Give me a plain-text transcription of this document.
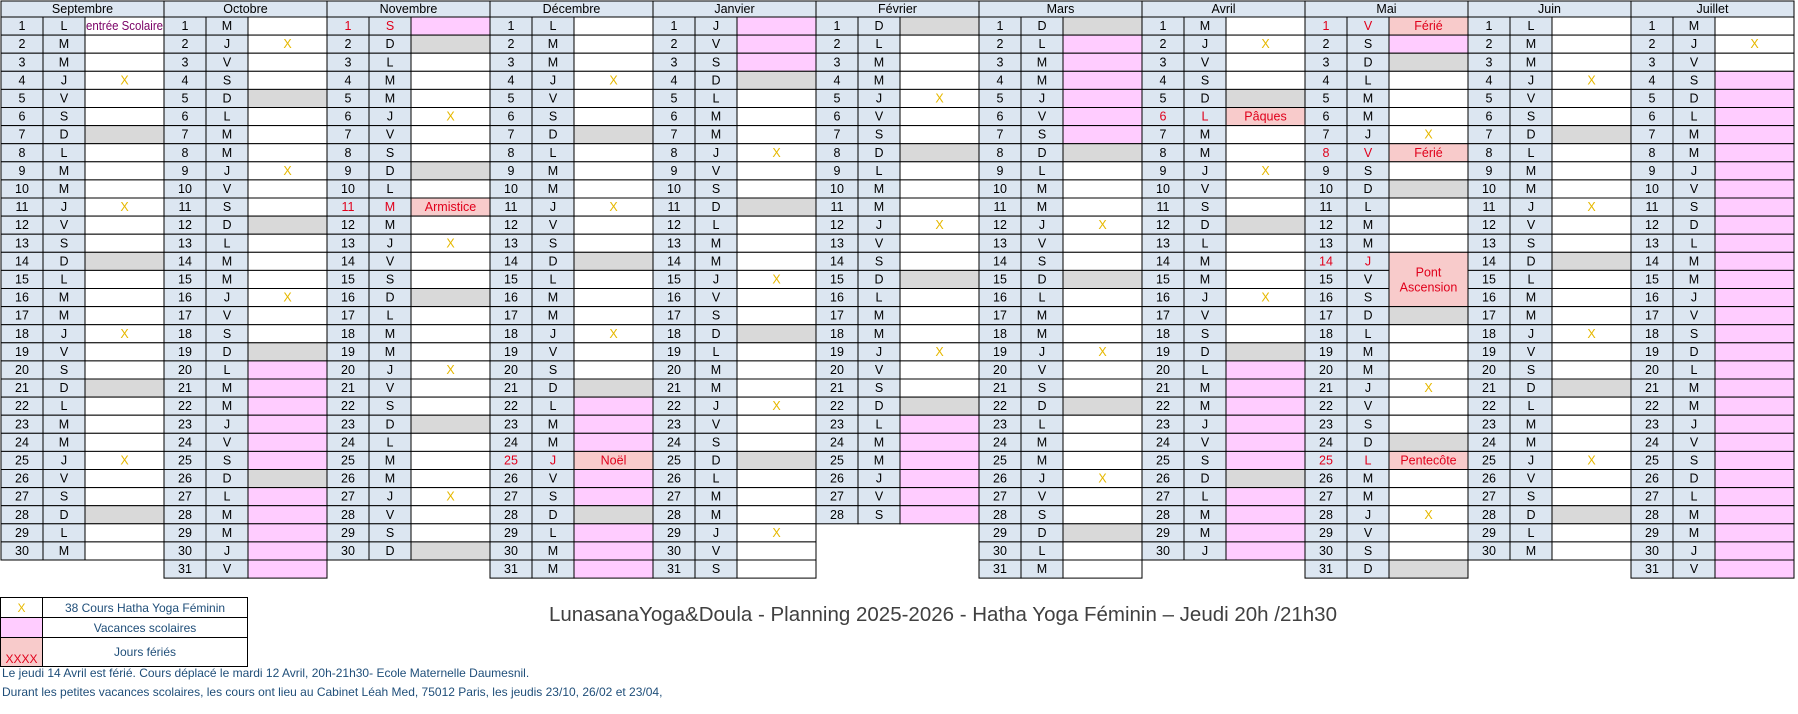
Septembre
1	L entrée Scolaire
2	M
3	M
4	J	X
5	V
6	S
7	D
8	L
9	M
10 M
11	J	X
12 V
13 S
14 D
15	L
16 M
17 M
18	J	X
19 V
20 S
21 D
22	L
23 M
24 M
25	J	X
26 V
27 S
28 D
29	L
30 M
Octobre
1	M
2	J	X
3	V
4	S
5	D
6	L
7	M
8	M
9	J	X
10 V
11	S
12 D
13	L
14 M
15 M
16	J	X
17 V
18 S
19 D
20	L
21 M
22 M
23	J
24 V
25 S
26 D
27	L
28 M
29 M
30	J
31 V
Novembre
1	S
2	D
3	L
4	M
5	M
6	J	X
7	V
8	S
9	D
10	L
11 M Armistice
12 M
13	J	X
14 V
15 S
16 D
17	L
18 M
19 M
20	J	X
21 V
22 S
23 D
24	L
25 M
26 M
27	J	X
28 V
29 S
30 D
Décembre
1	L
2	M
3	M
4	J	X
5	V
6	S
7	D
8	L
9	M
10 M
11	J	X
12 V
13 S
14 D
15	L
16 M
17 M
18	J	X
19 V
20 S
21 D
22	L
23 M
24 M
25	J	Noël
26 V
27 S
28 D
29	L
30 M
31 M
Janvier
1	J
2	V
3	S
4	D
5	L
6	M
7	M
8	J	X
9	V
10 S
11 D
12	L
13 M
14 M
15	J	X
16 V
17 S
18 D
19	L
20 M
21 M
22	J	X
23 V
24 S
25 D
26	L
27 M
28 M
29	J	X
30 V
31 S
Février
1	D
2	L
3	M
4	M
5	J	X
6	V
7	S
8	D
9	L
10 M
11 M
12	J	X
13 V
14 S
15 D
16	L
17 M
18 M
19	J	X
20 V
21 S
22 D
23	L
24 M
25 M
26	J
27 V
28 S
Mars
1	D
2	L
3	M
4	M
5	J
6	V
7	S
8	D
9	L
10 M
11 M
12	J	X
13 V
14 S
15 D
16	L
17 M
18 M
19	J	X
20 V
21 S
22 D
23	L
24 M
25 M
26	J	X
27 V
28 S
29 D
30	L
31 M
Avril
1	M
2	J	X
3	V
4	S
5	D
6	L	Pâques
7	M
8	M
9	J	X
10 V
11	S
12 D
13	L
14 M
15 M
16	J	X
17 V
18 S
19 D
20	L
21 M
22 M
23	J
24 V
25 S
26 D
27	L
28 M
29 M
30	J
Mai
1	V	Férié
2	S
3	D
4	L
5	M
6	M
7	J	X
8	V	Férié
9	S
10 D
11	L
12 M
13 M
14	J
Pont
Ascension
15 V
16 S
17 D
18	L
19 M
20 M
21	J	X
22 V
23 S
24 D
25	L Pentecôte
26 M
27 M
28	J	X
29 V
30 S
31 D
Juin
1	L
2	M
3	M
4	J	X
5	V
6	S
7	D
8	L
9	M
10 M
11	J	X
12 V
13 S
14 D
15	L
16 M
17 M
18	J	X
19 V
20 S
21 D
22	L
23 M
24 M
25	J	X
26 V
27 S
28 D
29	L
30 M
Juillet
1	M
2	J	X
3	V
4	S
5	D
6	L
7	M
8	M
9	J
10 V
11	S
12 D
13	L
14 M
15 M
16	J
17 V
18 S
19 D
20	L
21 M
22 M
23	J
24 V
25 S
26 D
27	L
28 M
29 M
30	J
31 V
X	38 Cours Hatha Yoga Féminin
	Vacances scolaires
XXXX	Jours fériés
LunasanaYoga&Doula - Planning 2025-2026 - Hatha Yoga Féminin – Jeudi 20h /21h30
Le jeudi 14 Avril est férié. Cours déplacé le mardi 12 Avril, 20h-21h30- Ecole Maternelle Daumesnil.
Durant les petites vacances scolaires, les cours ont lieu au Cabinet Léah Med, 75012 Paris, les jeudis 23/10, 26/02 et 23/04,
